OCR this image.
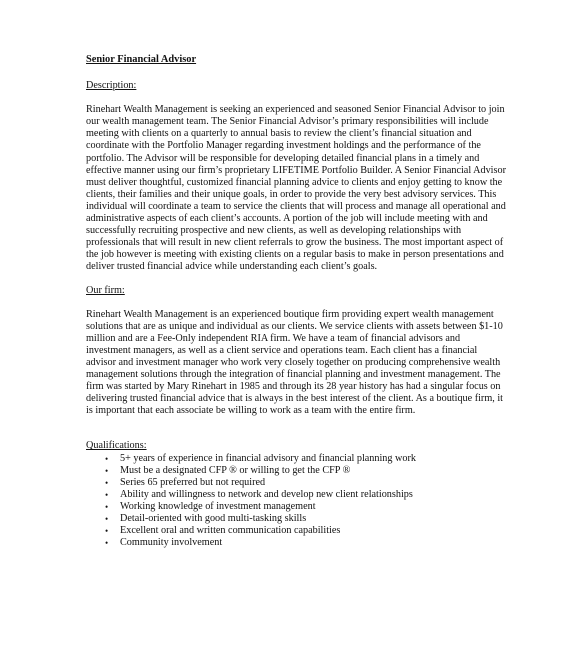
Senior Financial Advisor
Description:

Rinehart Wealth Management is seeking an experienced and seasoned Senior Financial Advisor to join our wealth management team. The Senior Financial Advisor’s primary responsibilities will include meeting with clients on a quarterly to annual basis to review the client’s financial situation and coordinate with the Portfolio Manager regarding investment holdings and the performance of the portfolio. The Advisor will be responsible for developing detailed financial plans in a timely and effective manner using our firm’s proprietary LIFETIME Portfolio Builder. A Senior Financial Advisor must deliver thoughtful, customized financial planning advice to clients and enjoy getting to know the clients, their families and their unique goals, in order to provide the very best advisory services. This individual will coordinate a team to service the clients that will process and manage all operational and administrative aspects of each client’s accounts. A portion of the job will include meeting with and successfully recruiting prospective and new clients, as well as developing relationships with professionals that will result in new client referrals to grow the business. The most important aspect of the job however is meeting with existing clients on a regular basis to make in person presentations and deliver trusted financial advice while understanding each client’s goals.

Our firm:

Rinehart Wealth Management is an experienced boutique firm providing expert wealth management solutions that are as unique and individual as our clients. We service clients with assets between $1-10 million and are a Fee-Only independent RIA firm. We have a team of financial advisors and investment managers, as well as a client service and operations team. Each client has a financial advisor and investment manager who work very closely together on producing comprehensive wealth management solutions through the integration of financial planning and investment management. The firm was started by Mary Rinehart in 1985 and through its 28 year history has had a singular focus on delivering trusted financial advice that is always in the best interest of the client. As a boutique firm, it is important that each associate be willing to work as a team with the entire firm.

Qualifications:
• 5+ years of experience in financial advisory and financial planning work
• Must be a designated CFP ® or willing to get the CFP ®
• Series 65 preferred but not required
• Ability and willingness to network and develop new client relationships
• Working knowledge of investment management
• Detail-oriented with good multi-tasking skills
• Excellent oral and written communication capabilities
• Community involvement
